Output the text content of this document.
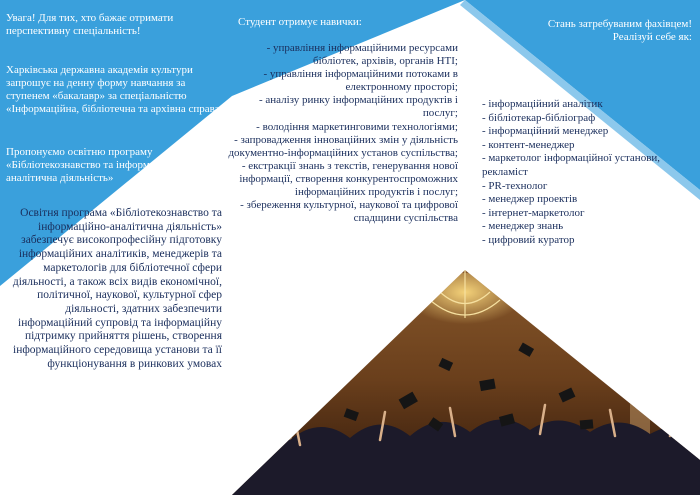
Увага! Для тих, хто бажає отримати перспективну спеціальність!

Харківська державна академія культури запрошує на денну форму навчання за ступенем «бакалавр» за спеціальністю «Інформаційна, бібліотечна та архівна справа»

Пропонуємо освітню програму «Бібліотекознавство та інформаційно-аналітична діяльність»

Освітня програма «Бібліотекознавство та інформаційно-аналітична діяльність» забезпечує високопрофесійну підготовку інформаційних аналітиків, менеджерів та маркетологів для бібліотечної сфери діяльності, а також всіх видів економічної, політичної, наукової, культурної сфер діяльності, здатних забезпечити інформаційний супровід та інформаційну підтримку прийняття рішень, створення інформаційного середовища установи та її функціонування в ринкових умовах

Студент отримує навички:

- управління інформаційними ресурсами бібліотек, архівів, органів НТІ;
- управління інформаційними потоками в електронному просторі;
- аналізу ринку інформаційних продуктів і послуг;
- володіння маркетинговими технологіями;
- запровадження інноваційних змін у діяльність документно-інформаційних установ суспільства;
- екстракції знань з текстів, генерування нової інформації, створення конкурентоспроможних інформаційних продуктів і послуг;
- збереження культурної, наукової та цифрової спадщини суспільства
Стань затребуваним фахівцем!
Реалізуй себе як:
- інформаційний аналітик
- бібліотекар-бібліограф
- інформаційний менеджер
- контент-менеджер
- маркетолог інформаційної установи, рекламіст
- PR-технолог
- менеджер проектів
- інтернет-маркетолог
- менеджер знань
- цифровий куратор
